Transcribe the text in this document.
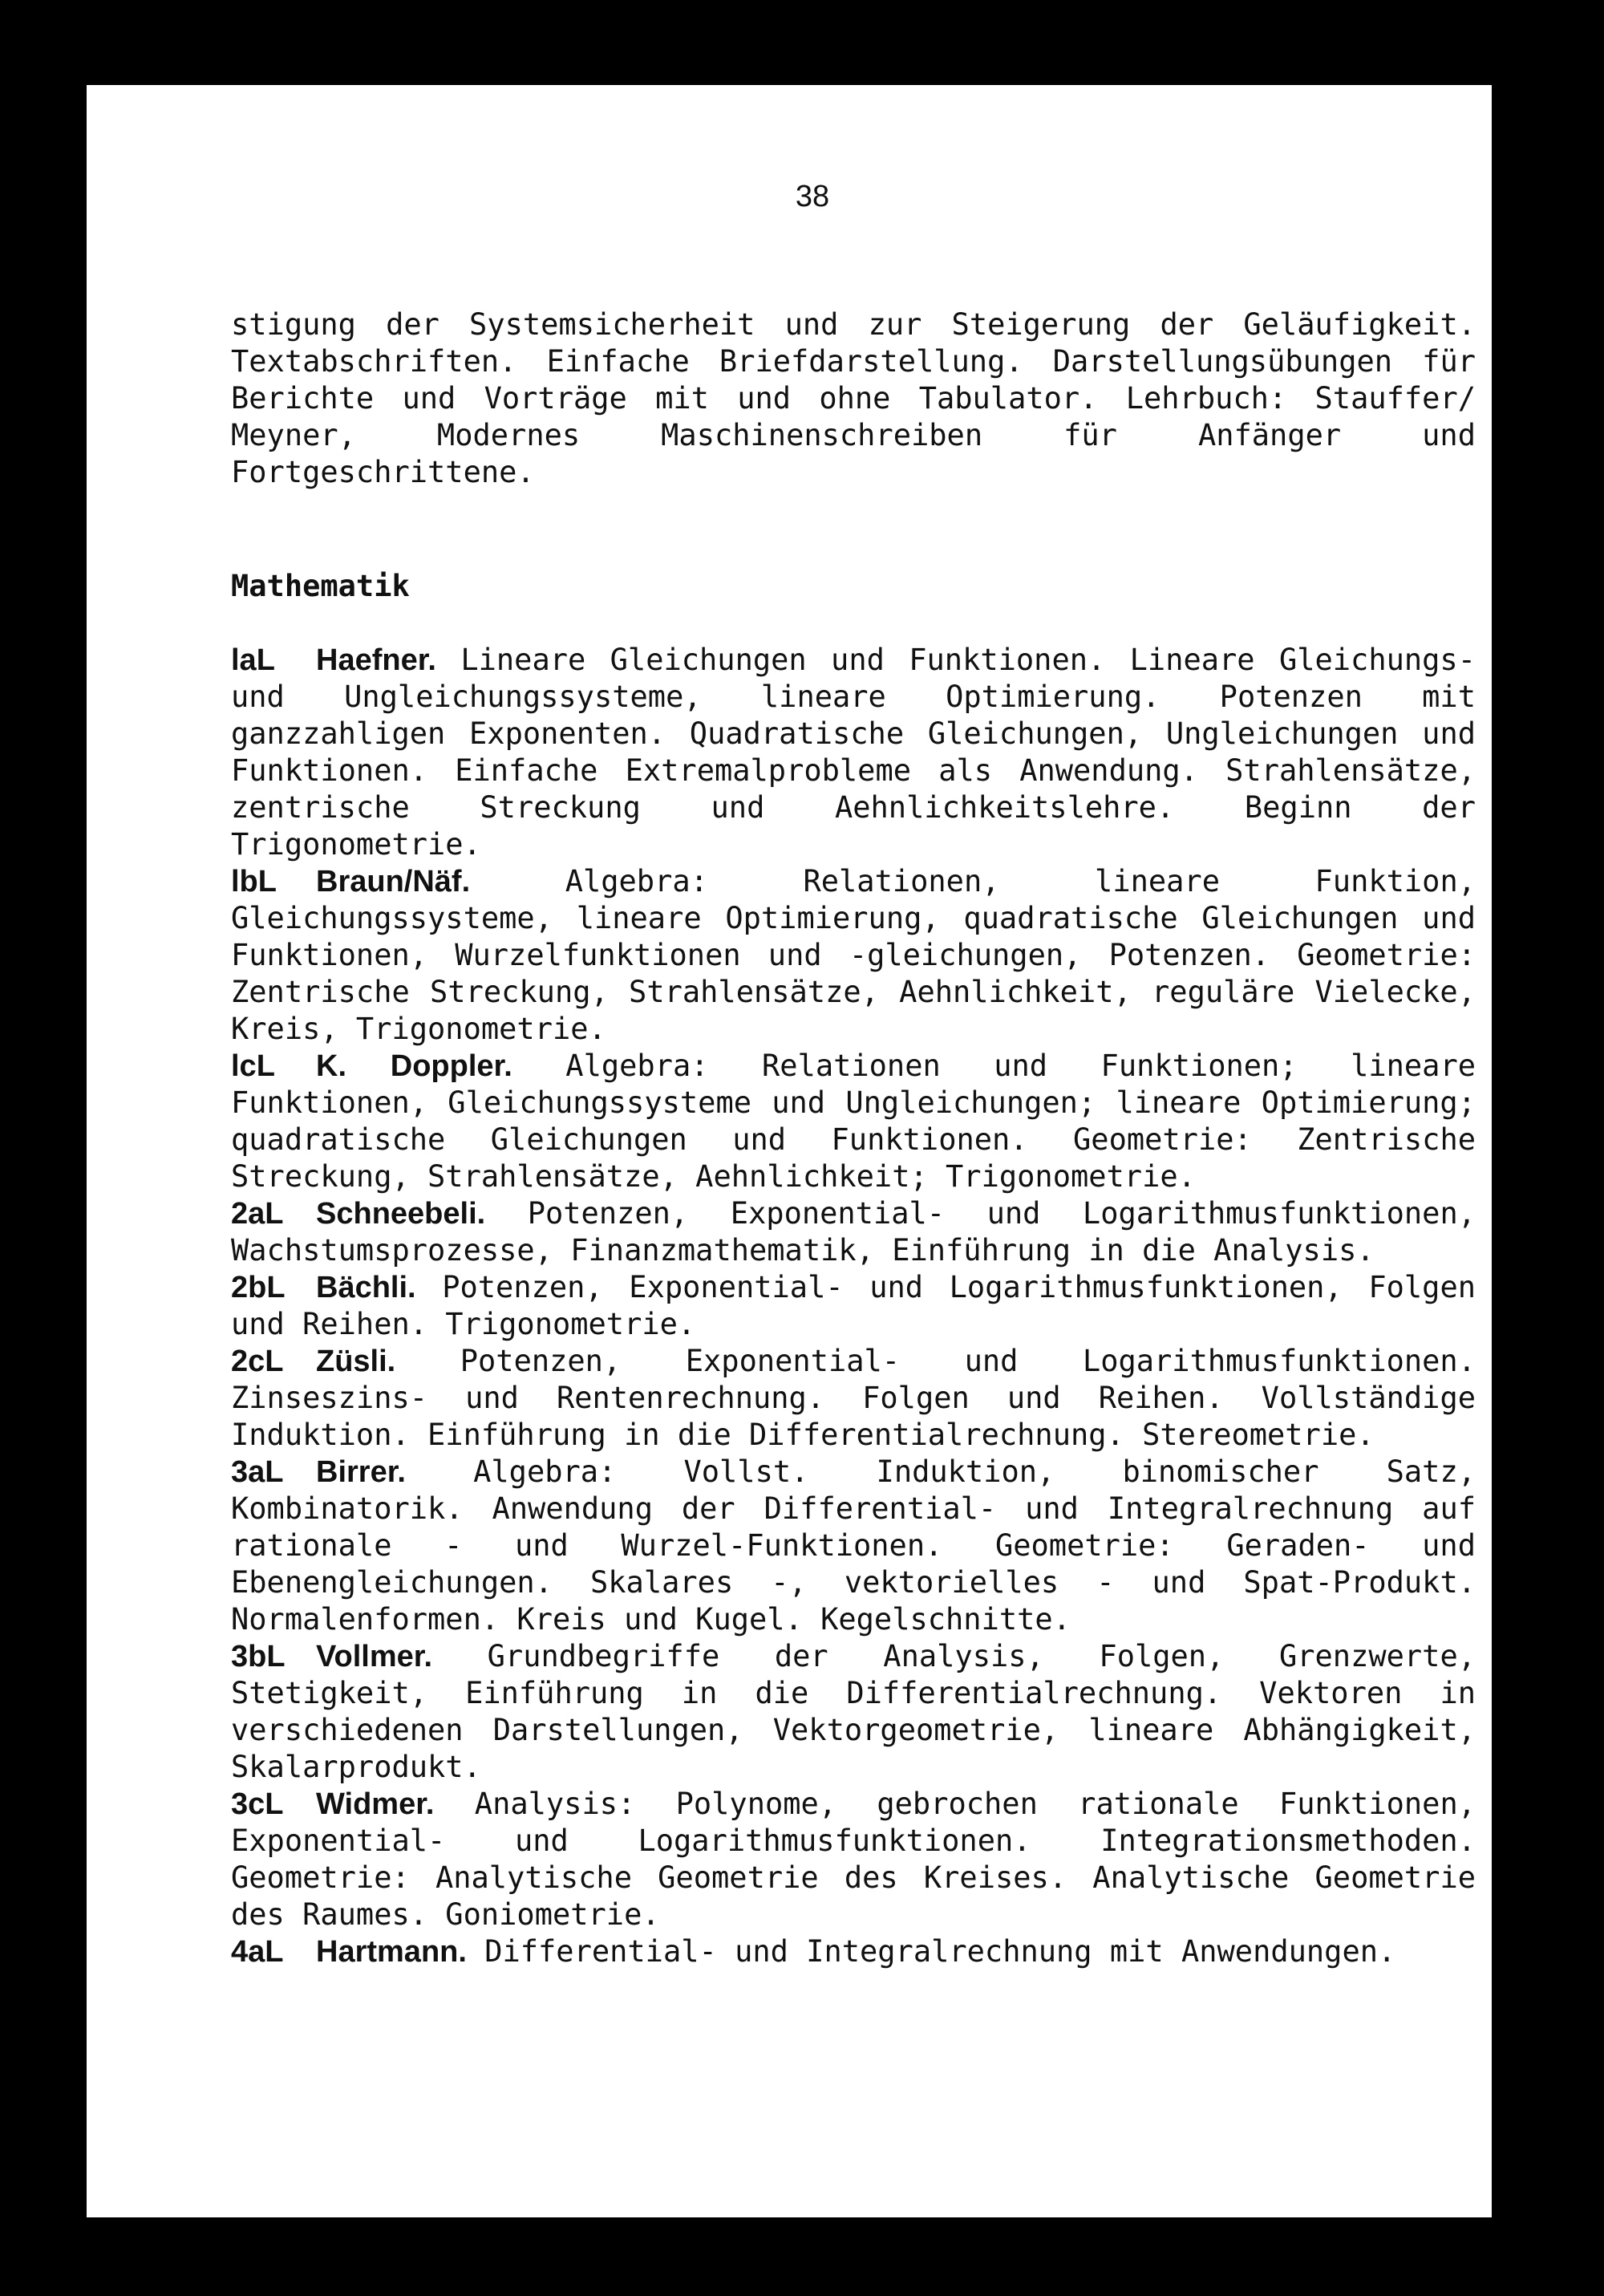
38

stigung der Systemsicherheit und zur Steigerung der Geläufigkeit. Textabschriften. Einfache Briefdarstellung. Darstellungsübungen für Berichte und Vorträge mit und ohne Tabulator. Lehrbuch: Stauffer/ Meyner, Modernes Maschinenschreiben für Anfänger und Fortgeschrittene.

Mathematik

laL Haefner. Lineare Gleichungen und Funktionen. Lineare Gleichungs- und Ungleichungssysteme, lineare Optimierung. Potenzen mit ganzzahligen Exponenten. Quadratische Gleichungen, Ungleichungen und Funktionen. Einfache Extremalprobleme als Anwendung. Strahlensätze, zentrische Streckung und Aehnlichkeitslehre. Beginn der Trigonometrie.

lbL Braun/Näf.	Algebra: Relationen, lineare Funktion, Gleichungssysteme, lineare Optimierung, quadratische Gleichungen und Funktionen, Wurzelfunktionen und -gleichungen, Potenzen. Geometrie: Zentrische Streckung, Strahlensätze, Aehnlichkeit, reguläre Vielecke, Kreis, Trigonometrie.

lcL K. Doppler. Algebra: Relationen und Funktionen; lineare Funktionen, Gleichungssysteme und Ungleichungen; lineare Optimierung; quadratische Gleichungen und Funktionen. Geometrie: Zentrische Streckung, Strahlensätze, Aehnlichkeit; Trigonometrie.

2aL Schneebeli. Potenzen, Exponential- und Logarithmusfunktionen, Wachstumsprozesse, Finanzmathematik, Einführung in die Analysis.

2bL Bächli. Potenzen, Exponential- und Logarithmusfunktionen, Folgen und Reihen. Trigonometrie.

2cL Züsli. Potenzen, Exponential- und Logarithmusfunktionen. Zinseszins- und Rentenrechnung. Folgen und Reihen. Vollständige Induktion. Einführung in die Differentialrechnung. Stereometrie.

3aL Birrer. Algebra: Vollst. Induktion, binomischer Satz, Kombinatorik. Anwendung der Differential- und Integralrechnung auf rationale - und Wurzel-Funktionen. Geometrie: Geraden- und Ebenengleichungen. Skalares -, vektorielles - und Spat-Produkt. Normalenformen. Kreis und Kugel. Kegelschnitte.

3bL Vollmer. Grundbegriffe der Analysis, Folgen, Grenzwerte, Stetigkeit, Einführung in die Differentialrechnung. Vektoren in verschiedenen Darstellungen, Vektorgeometrie, lineare Abhängigkeit, Skalarprodukt.

3cL Widmer. Analysis: Polynome, gebrochen rationale Funktionen, Exponential- und Logarithmusfunktionen. Integrationsmethoden. Geometrie: Analytische Geometrie des Kreises. Analytische Geometrie des Raumes. Goniometrie.

4aL Hartmann. Differential- und Integralrechnung mit Anwendungen.
